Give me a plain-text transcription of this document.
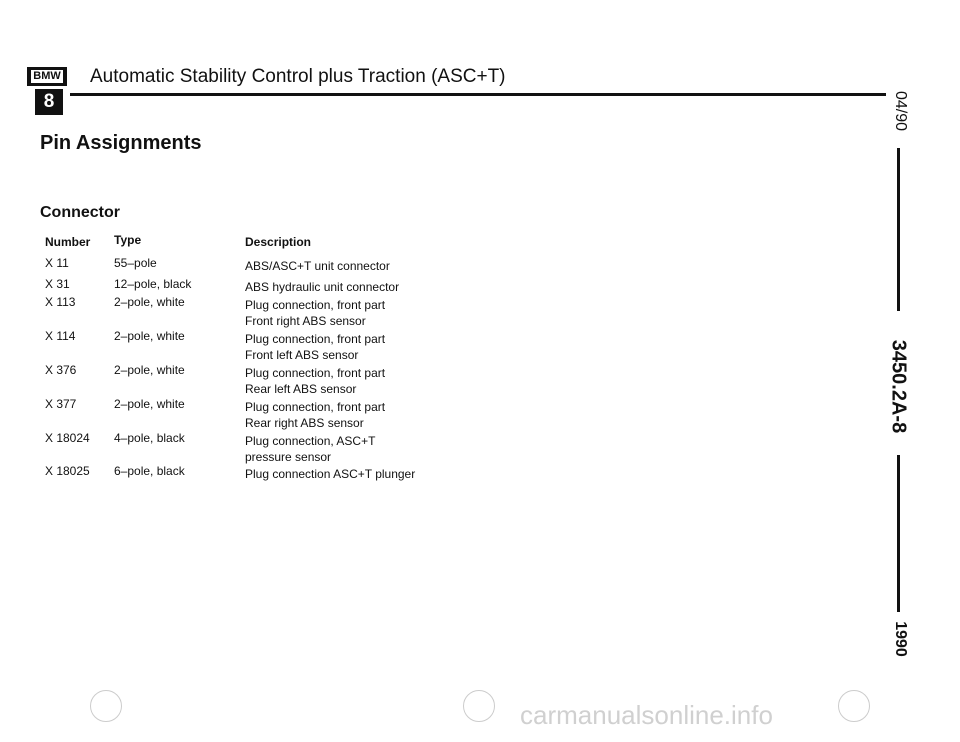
BMW
8
Automatic Stability Control plus Traction (ASC+T)
Pin Assignments
Connector
Number Type	Description
X 11	55–pole	ABS/ASC+T unit connector
X 31	12–pole, black	ABS hydraulic unit connector
X 113	2–pole, white	Plug connection, front part
Front right ABS sensor
X 114	2–pole, white	Plug connection, front part
Front left ABS sensor
X 376	2–pole, white	Plug connection, front part
Rear left ABS sensor
X 377	2–pole, white	Plug connection, front part
Rear right ABS sensor
X 18024 4–pole, black	Plug connection, ASC+T
pressure sensor
X 18025 6–pole, black	Plug connection ASC+T plunger
04/90
3450.2A-8
1990
carmanualsonline.info
